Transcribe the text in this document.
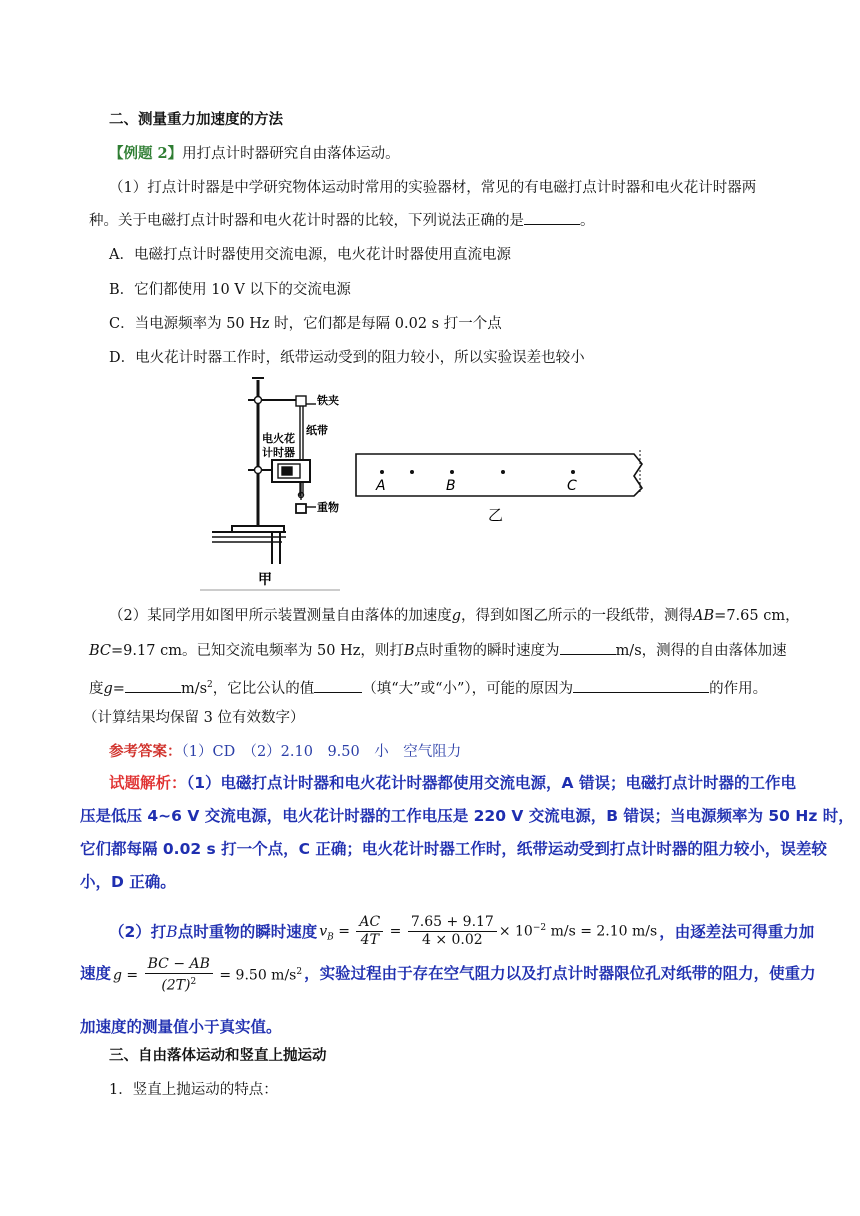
二、测量重力加速度的方法
【例题 2】用打点计时器研究自由落体运动。
（1）打点计时器是中学研究物体运动时常用的实验器材，常见的有电磁打点计时器和电火花计时器两
种。关于电磁打点计时器和电火花计时器的比较，下列说法正确的是	。
A．电磁打点计时器使用交流电源，电火花计时器使用直流电源
B．它们都使用 10 V 以下的交流电源
C．当电源频率为 50 Hz 时，它们都是每隔 0.02 s 打一个点
D．电火花计时器工作时，纸带运动受到的阻力较小，所以实验误差也较小
电火花
计时器
铁夹
纸带
重物
甲
A	B	C
乙
（2）某同学用如图甲所示装置测量自由落体的加速度g，得到如图乙所示的一段纸带，测得AB=7.65 cm，
BC=9.17 cm。已知交流电频率为 50 Hz，则打B点时重物的瞬时速度为	m/s，测得的自由落体加速
度g=	$m/s^2$，它比公认的值	（填“大”或“小”），可能的原因为	的作用。
（计算结果均保留 3 位有效数字）
参考答案：（1）CD　（2）2.10　9.50　小　空气阻力
试题解析：（1）电磁打点计时器和电火花计时器都使用交流电源，A 错误；电磁打点计时器的工作电
压是低压 4~6 V 交流电源，电火花计时器的工作电压是 220 V 交流电源，B 错误；当电源频率为 50 Hz 时，
它们都每隔 0.02 s 打一个点，C 正确；电火花计时器工作时，纸带运动受到打点计时器的阻力较小，误差较
小，D 正确。
（2）打B点时重物的瞬时速度 $v_B = \frac{AC}{4T} = \frac{7.65 + 9.17}{4 \times 0.02} \times 10^{-2}$ m/s = 2.10 m/s ，由逐差法可得重力加
速度 $g = \frac{BC - AB}{(2T)^2} = 9.50$ $m/s^2$ ，实验过程由于存在空气阻力以及打点计时器限位孔对纸带的阻力，使重力
加速度的测量值小于真实值。
三、自由落体运动和竖直上抛运动
1．竖直上抛运动的特点：
